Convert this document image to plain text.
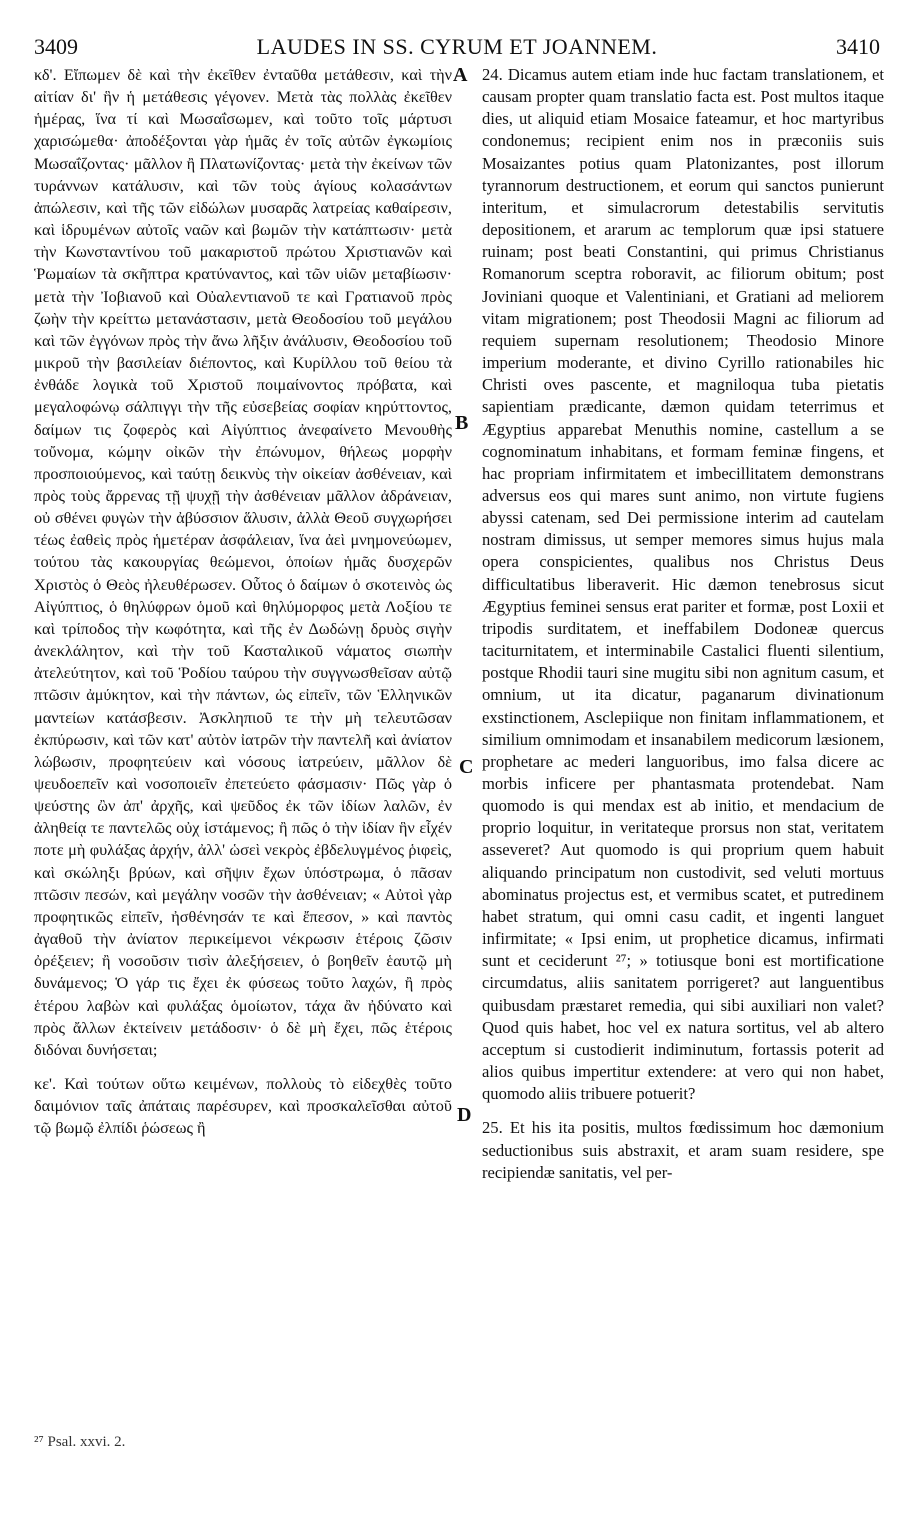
3409	LAUDES IN SS. CYRUM ET JOANNEM.	3410

κδ'. Εἴπωμεν δὲ καὶ τὴν ἐκεῖθεν ἐνταῦθα μετάθεσιν, καὶ τὴν αἰτίαν δι' ἣν ἡ μετάθεσις γέγονεν. Μετὰ τὰς πολλὰς ἐκεῖθεν ἡμέρας, ἵνα τί καὶ Μωσαΐσωμεν, καὶ τοῦτο τοῖς μάρτυσι χαρισώμεθα· ἀποδέξονται γὰρ ἡμᾶς ἐν τοῖς αὐτῶν ἐγκωμίοις Μωσαΐζοντας· μᾶλλον ἢ Πλατωνίζοντας· μετὰ τὴν ἐκείνων τῶν τυράννων κατάλυσιν, καὶ τῶν τοὺς ἁγίους κολασάντων ἀπώλεσιν, καὶ τῆς τῶν εἰδώλων μυσαρᾶς λατρείας καθαίρεσιν, καὶ ἱδρυμένων αὐτοῖς ναῶν καὶ βωμῶν τὴν κατάπτωσιν· μετὰ τὴν Κωνσταντίνου τοῦ μακαριστοῦ πρώτου Χριστιανῶν καὶ Ῥωμαίων τὰ σκῆπτρα κρατύναντος, καὶ τῶν υἱῶν μεταβίωσιν· μετὰ τὴν Ἰοβιανοῦ καὶ Οὐαλεντιανοῦ τε καὶ Γρατιανοῦ πρὸς ζωὴν τὴν κρείττω μετανάστασιν, μετὰ Θεοδοσίου τοῦ μεγάλου καὶ τῶν ἐγγόνων πρὸς τὴν ἄνω λῆξιν ἀνάλυσιν, Θεοδοσίου τοῦ μικροῦ τὴν βασιλείαν διέποντος, καὶ Κυρίλλου τοῦ θείου τὰ ἐνθάδε λογικὰ τοῦ Χριστοῦ ποιμαίνοντος πρόβατα, καὶ μεγαλοφώνῳ σάλπιγγι τὴν τῆς εὐσεβείας σοφίαν κηρύττοντος, δαίμων τις ζοφερὸς καὶ Αἰγύπτιος ἀνεφαίνετο Μενουθὴς τοὔνομα, κώμην οἰκῶν τὴν ἐπώνυμον, θήλεως μορφὴν προσποιούμενος, καὶ ταύτῃ δεικνὺς τὴν οἰκείαν ἀσθένειαν, καὶ πρὸς τοὺς ἄρρενας τῇ ψυχῇ τὴν ἀσθένειαν μᾶλλον ἀδράνειαν, οὐ σθένει φυγὼν τὴν ἀβύσσιον ἅλυσιν, ἀλλὰ Θεοῦ συγχωρήσει τέως ἐαθεὶς πρὸς ἡμετέραν ἀσφάλειαν, ἵνα ἀεὶ μνημονεύωμεν, τούτου τὰς κακουργίας θεώμενοι, ὁποίων ἡμᾶς δυσχερῶν Χριστὸς ὁ Θεὸς ἠλευθέρωσεν. Οὗτος ὁ δαίμων ὁ σκοτεινὸς ὡς Αἰγύπτιος, ὁ θηλύφρων ὁμοῦ καὶ θηλύμορφος μετὰ Λοξίου τε καὶ τρίποδος τὴν κωφότητα, καὶ τῆς ἐν Δωδώνῃ δρυὸς σιγὴν ἀνεκλάλητον, καὶ τὴν τοῦ Κασταλικοῦ νάματος σιωπὴν ἀτελεύτητον, καὶ τοῦ Ῥοδίου ταύρου τὴν συγγνωσθεῖσαν αὐτῷ πτῶσιν ἀμύκητον, καὶ τὴν πάντων, ὡς εἰπεῖν, τῶν Ἑλληνικῶν μαντείων κατάσβεσιν. Ἀσκληπιοῦ τε τὴν μὴ τελευτῶσαν ἐκπύρωσιν, καὶ τῶν κατ' αὐτὸν ἰατρῶν τὴν παντελῆ καὶ ἀνίατον λώβωσιν, προφητεύειν καὶ νόσους ἰατρεύειν, μᾶλλον δὲ ψευδοεπεῖν καὶ νοσοποιεῖν ἐπετεύετο φάσμασιν· Πῶς γὰρ ὁ ψεύστης ὢν ἀπ' ἀρχῆς, καὶ ψεῦδος ἐκ τῶν ἰδίων λαλῶν, ἐν ἀληθείᾳ τε παντελῶς οὐχ ἱστάμενος; ἢ πῶς ὁ τὴν ἰδίαν ἣν εἶχέν ποτε μὴ φυλάξας ἀρχήν, ἀλλ' ὡσεὶ νεκρὸς ἐβδελυγμένος ῥιφεὶς, καὶ σκώληξι βρύων, καὶ σῆψιν ἔχων ὑπόστρωμα, ὁ πᾶσαν πτῶσιν πεσών, καὶ μεγάλην νοσῶν τὴν ἀσθένειαν; « Αὐτοὶ γὰρ προφητικῶς εἰπεῖν, ἠσθένησάν τε καὶ ἔπεσον, » καὶ παντὸς ἀγαθοῦ τὴν ἀνίατον περικείμενοι νέκρωσιν ἑτέροις ζῶσιν ὀρέξειεν; ἢ νοσοῦσιν τισὶν ἀλεξήσειεν, ὁ βοηθεῖν ἑαυτῷ μὴ δυνάμενος; Ὁ γάρ τις ἔχει ἐκ φύσεως τοῦτο λαχών, ἢ πρὸς ἑτέρου λαβὼν καὶ φυλάξας ὁμοίωτον, τάχα ἂν ἠδύνατο καὶ πρὸς ἄλλων ἐκτείνειν μετάδοσιν· ὁ δὲ μὴ ἔχει, πῶς ἑτέροις διδόναι δυνήσεται;

κε'. Καὶ τούτων οὕτω κειμένων, πολλοὺς τὸ εἰδεχθὲς τοῦτο δαιμόνιον ταῖς ἀπάταις παρέσυρεν, καὶ προσκαλεῖσθαι αὐτοῦ τῷ βωμῷ ἐλπίδι ῥώσεως ἢ

24. Dicamus autem etiam inde huc factam translationem, et causam propter quam translatio facta est. Post multos itaque dies, ut aliquid etiam Mosaice fateamur, et hoc martyribus condonemus; recipient enim nos in præconiis suis Mosaizantes potius quam Platonizantes, post illorum tyrannorum destructionem, et eorum qui sanctos punierunt interitum, et simulacrorum detestabilis servitutis depositionem, et ararum ac templorum quæ ipsi statuere ruinam; post beati Constantini, qui primus Christianus Romanorum sceptra roboravit, ac filiorum obitum; post Joviniani quoque et Valentiniani, et Gratiani ad meliorem vitam migrationem; post Theodosii Magni ac filiorum ad requiem supernam resolutionem; Theodosio Minore imperium moderante, et divino Cyrillo rationabiles hic Christi oves pascente, et magniloqua tuba pietatis sapientiam prædicante, dæmon quidam teterrimus et Ægyptius apparebat Menuthis nomine, castellum a se cognominatum inhabitans, et formam feminæ fingens, et hac propriam infirmitatem et imbecillitatem demonstrans adversus eos qui mares sunt animo, non virtute fugiens abyssi catenam, sed Dei permissione interim ad cautelam nostram dimissus, ut semper memores simus hujus mala opera conspicientes, qualibus nos Christus Deus difficultatibus liberaverit. Hic dæmon tenebrosus sicut Ægyptius feminei sensus erat pariter et formæ, post Loxii et tripodis surditatem, et ineffabilem Dodoneæ quercus taciturnitatem, et interminabile Castalici fluenti silentium, postque Rhodii tauri sine mugitu sibi non agnitum casum, et omnium, ut ita dicatur, paganarum divinationum exstinctionem, Asclepiique non finitam inflammationem, et similium omnimodam et insanabilem medicorum læsionem, prophetare ac mederi languoribus, imo falsa dicere ac morbis inficere per phantasmata protendebat. Nam quomodo is qui mendax est ab initio, et mendacium de proprio loquitur, in veritateque prorsus non stat, veritatem asseveret? Aut quomodo is qui proprium quem habuit aliquando principatum non custodivit, sed veluti mortuus abominatus projectus est, et vermibus scatet, et putredinem habet stratum, qui omni casu cadit, et ingenti languet infirmitate; « Ipsi enim, ut prophetice dicamus, infirmati sunt et ceciderunt ²⁷; » totiusque boni est mortificatione circumdatus, aliis sanitatem porrigeret? aut languentibus quibusdam præstaret remedia, qui sibi auxiliari non valet? Quod quis habet, hoc vel ex natura sortitus, vel ab altero acceptum si custodierit indiminutum, fortassis poterit ad alios quibus impertitur extendere: at vero qui non habet, quomodo aliis tribuere potuerit?

25. Et his ita positis, multos fœdissimum hoc dæmonium seductionibus suis abstraxit, et aram suam residere, spe recipiendæ sanitatis, vel per-

A
B
C
D
²⁷ Psal. xxvi. 2.
